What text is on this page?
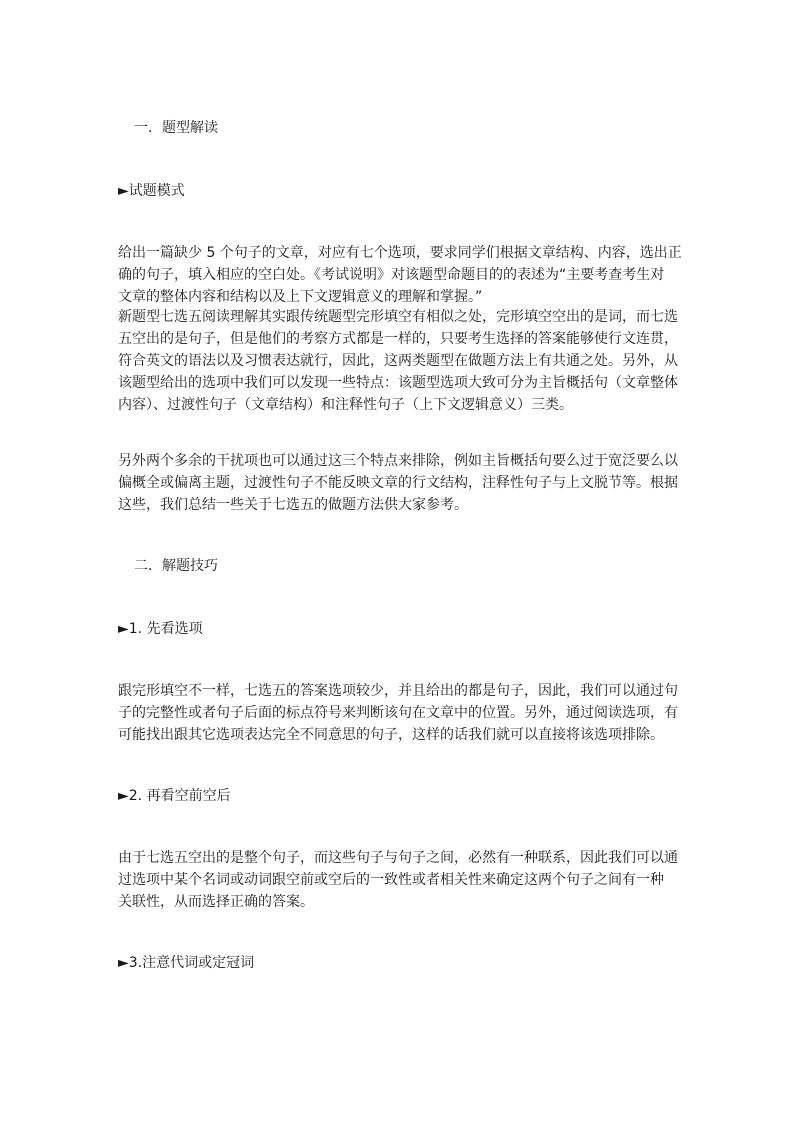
一．题型解读
►试题模式
给出一篇缺少 5 个句子的文章，对应有七个选项，要求同学们根据文章结构、内容，选出正
确的句子，填入相应的空白处。《考试说明》对该题型命题目的的表述为“主要考查考生对
文章的整体内容和结构以及上下文逻辑意义的理解和掌握。”
新题型七选五阅读理解其实跟传统题型完形填空有相似之处，完形填空空出的是词，而七选
五空出的是句子，但是他们的考察方式都是一样的，只要考生选择的答案能够使行文连贯，
符合英文的语法以及习惯表达就行，因此，这两类题型在做题方法上有共通之处。另外，从
该题型给出的选项中我们可以发现一些特点：该题型选项大致可分为主旨概括句（文章整体
内容）、过渡性句子（文章结构）和注释性句子（上下文逻辑意义）三类。
另外两个多余的干扰项也可以通过这三个特点来排除，例如主旨概括句要么过于宽泛要么以
偏概全或偏离主题，过渡性句子不能反映文章的行文结构，注释性句子与上文脱节等。根据
这些，我们总结一些关于七选五的做题方法供大家参考。
二．解题技巧
►1. 先看选项
跟完形填空不一样，七选五的答案选项较少，并且给出的都是句子，因此，我们可以通过句
子的完整性或者句子后面的标点符号来判断该句在文章中的位置。另外，通过阅读选项，有
可能找出跟其它选项表达完全不同意思的句子，这样的话我们就可以直接将该选项排除。
►2. 再看空前空后
由于七选五空出的是整个句子，而这些句子与句子之间，必然有一种联系，因此我们可以通
过选项中某个名词或动词跟空前或空后的一致性或者相关性来确定这两个句子之间有一种
关联性，从而选择正确的答案。
►3.注意代词或定冠词
